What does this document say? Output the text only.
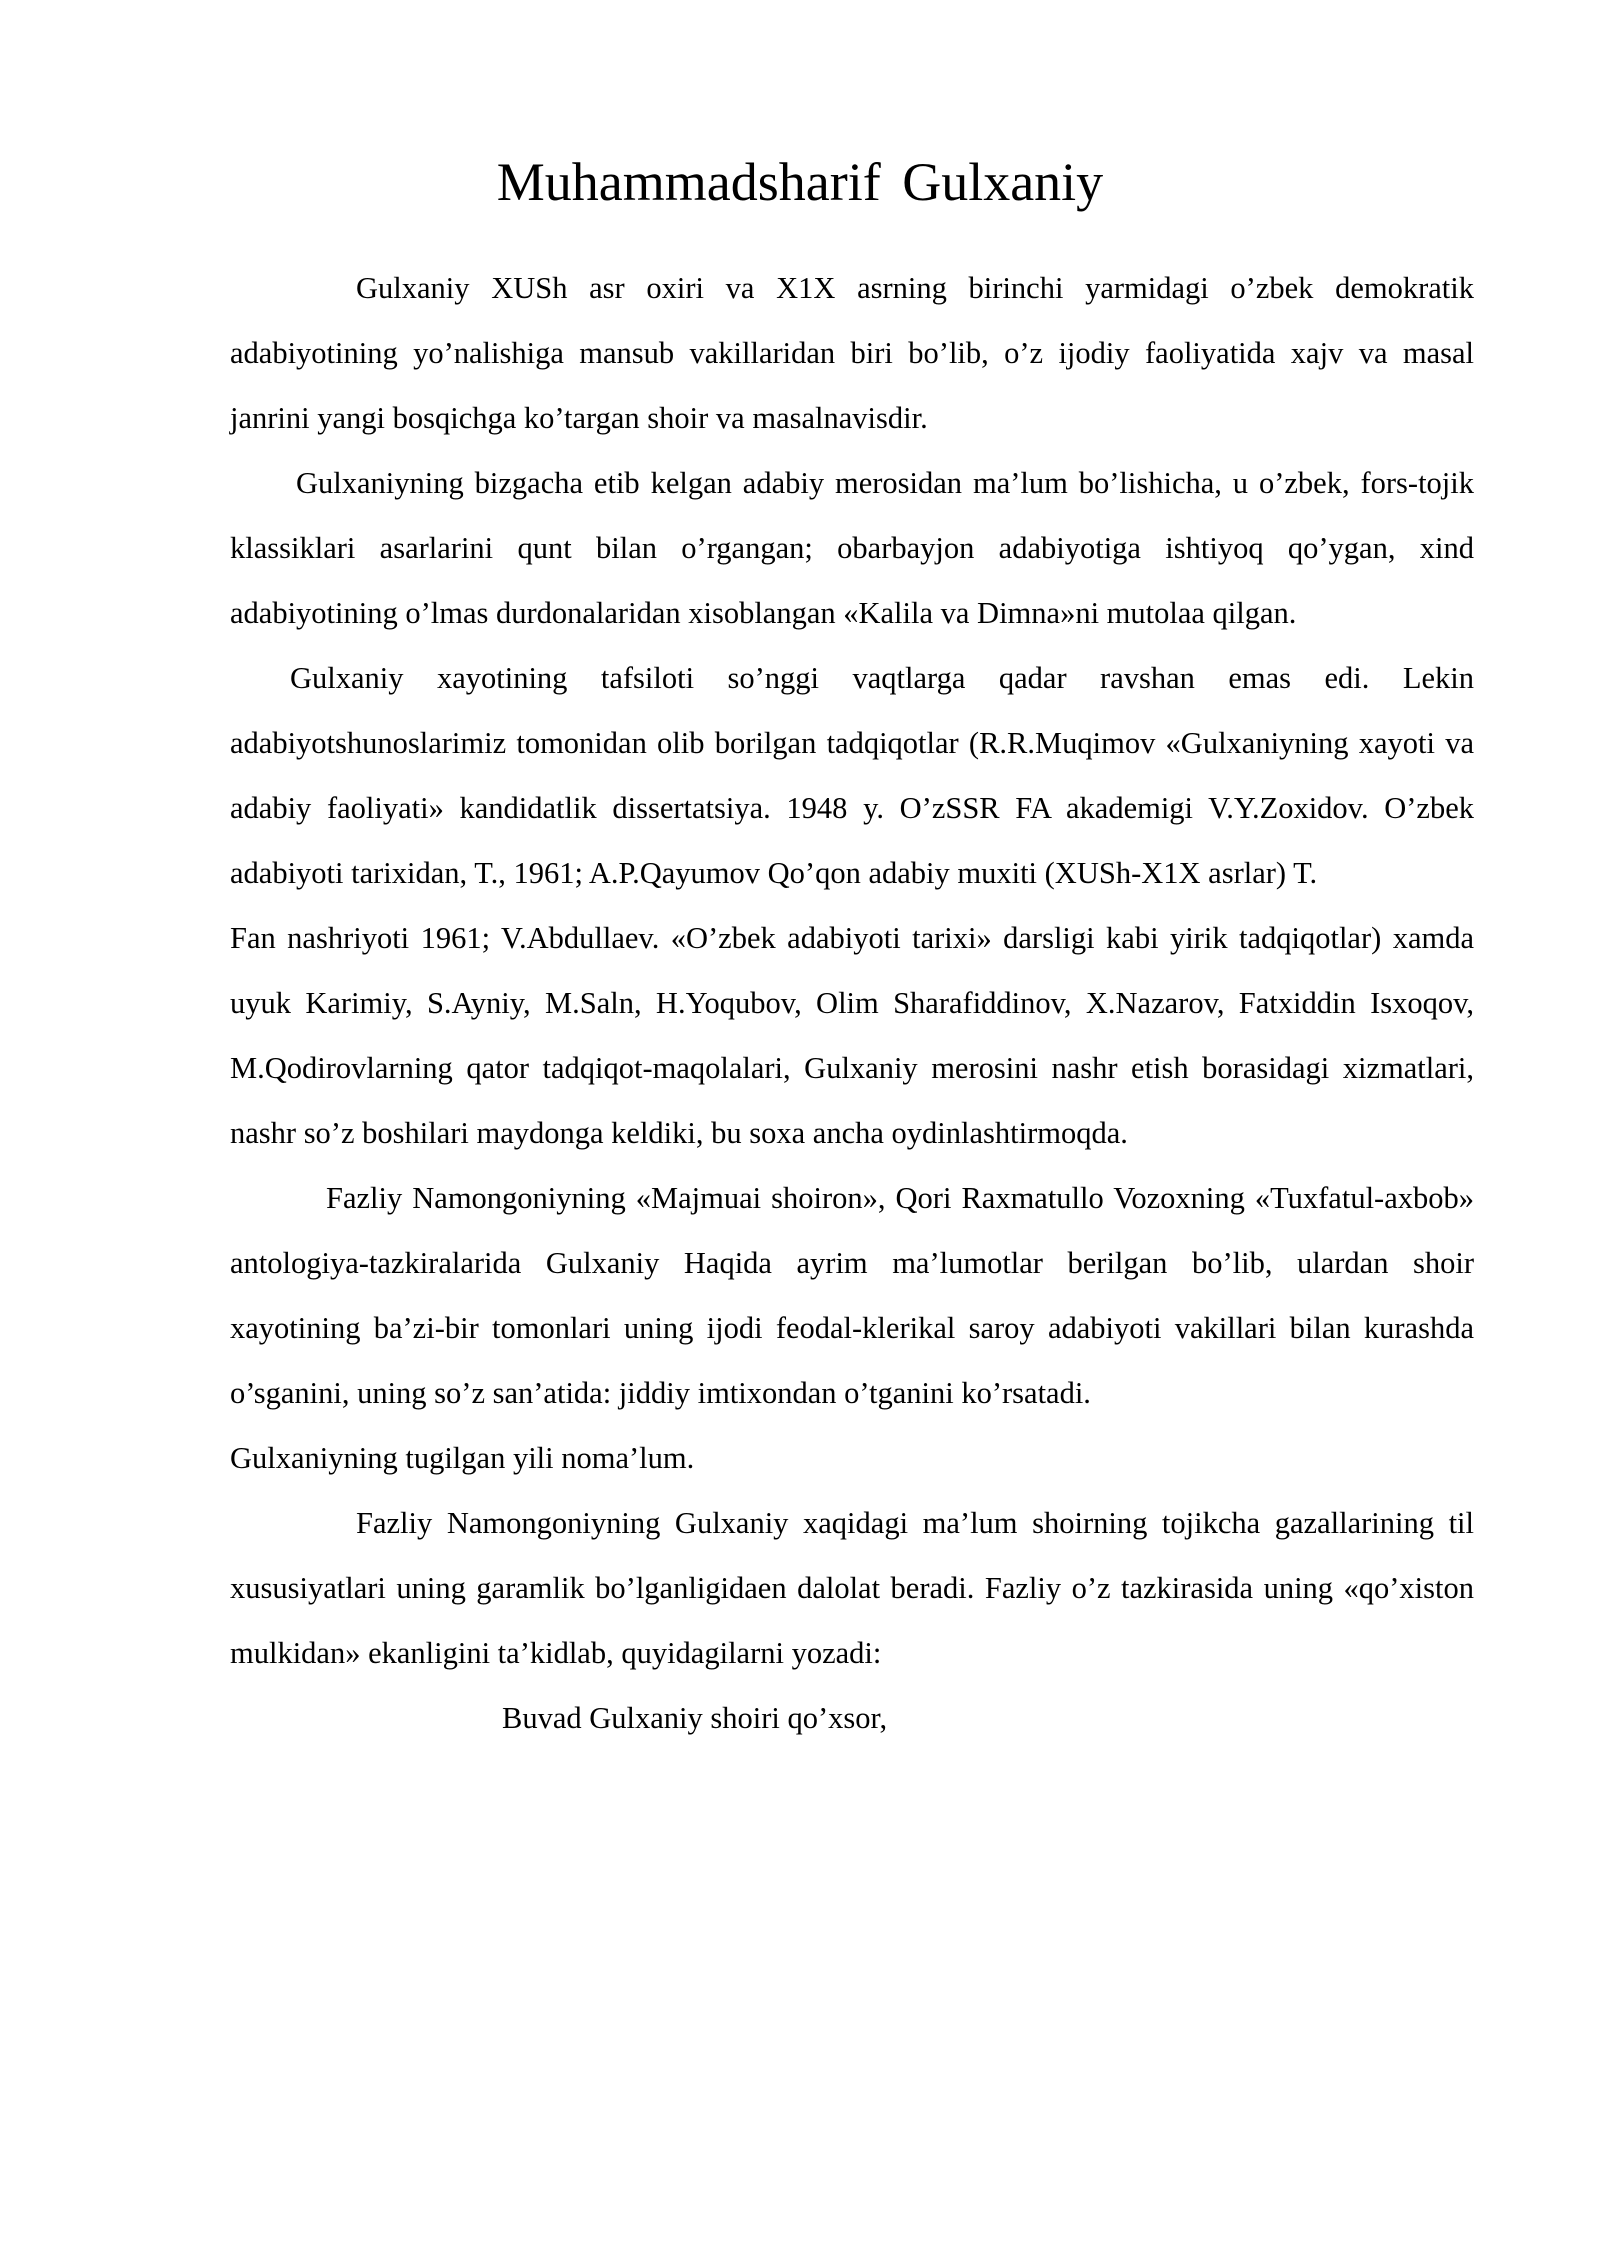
Muhammadsharif Gulxaniy

Gulxaniy XUSh asr oxiri va X1X asrning birinchi yarmidagi o’zbek demokratik adabiyotining yo’nalishiga mansub vakillaridan biri bo’lib, o’z ijodiy faoliyatida xajv va masal janrini yangi bosqichga ko’targan shoir va masalnavisdir.

Gulxaniyning bizgacha etib kelgan adabiy merosidan ma’lum bo’lishicha, u o’zbek, fors-tojik klassiklari asarlarini qunt bilan o’rgangan; obarbayjon adabiyotiga ishtiyoq qo’ygan, xind adabiyotining o’lmas durdonalaridan xisoblangan «Kalila va Dimna»ni mutolaa qilgan.

Gulxaniy xayotining tafsiloti so’nggi vaqtlarga qadar ravshan emas edi. Lekin adabiyotshunoslarimiz tomonidan olib borilgan tadqiqotlar (R.R.Muqimov «Gulxaniyning xayoti va adabiy faoliyati» kandidatlik dissertatsiya. 1948 y. O’zSSR FA akademigi V.Y.Zoxidov. O’zbek adabiyoti tarixidan, T., 1961; A.P.Qayumov Qo’qon adabiy muxiti (XUSh-X1X asrlar) T.

Fan nashriyoti 1961; V.Abdullaev. «O’zbek adabiyoti tarixi» darsligi kabi yirik tadqiqotlar) xamda uyuk Karimiy, S.Ayniy, M.Saln, H.Yoqubov, Olim Sharafiddinov, X.Nazarov, Fatxiddin Isxoqov, M.Qodirovlarning qator tadqiqot-maqolalari, Gulxaniy merosini nashr etish borasidagi xizmatlari, nashr so’z boshilari maydonga keldiki, bu soxa ancha oydinlashtirmoqda.

Fazliy Namongoniyning «Majmuai shoiron», Qori Raxmatullo Vozoxning «Tuxfatul-axbob» antologiya-tazkiralarida Gulxaniy Haqida ayrim ma’lumotlar berilgan bo’lib, ulardan shoir xayotining ba’zi-bir tomonlari uning ijodi feodal-klerikal saroy adabiyoti vakillari bilan kurashda o’sganini, uning so’z san’atida: jiddiy imtixondan o’tganini ko’rsatadi.

Gulxaniyning tugilgan yili noma’lum.

Fazliy Namongoniyning Gulxaniy xaqidagi ma’lum shoirning tojikcha gazallarining til xususiyatlari uning garamlik bo’lganligidaen dalolat beradi. Fazliy o’z tazkirasida uning «qo’xiston mulkidan» ekanligini ta’kidlab, quyidagilarni yozadi:

Buvad Gulxaniy shoiri qo’xsor,
